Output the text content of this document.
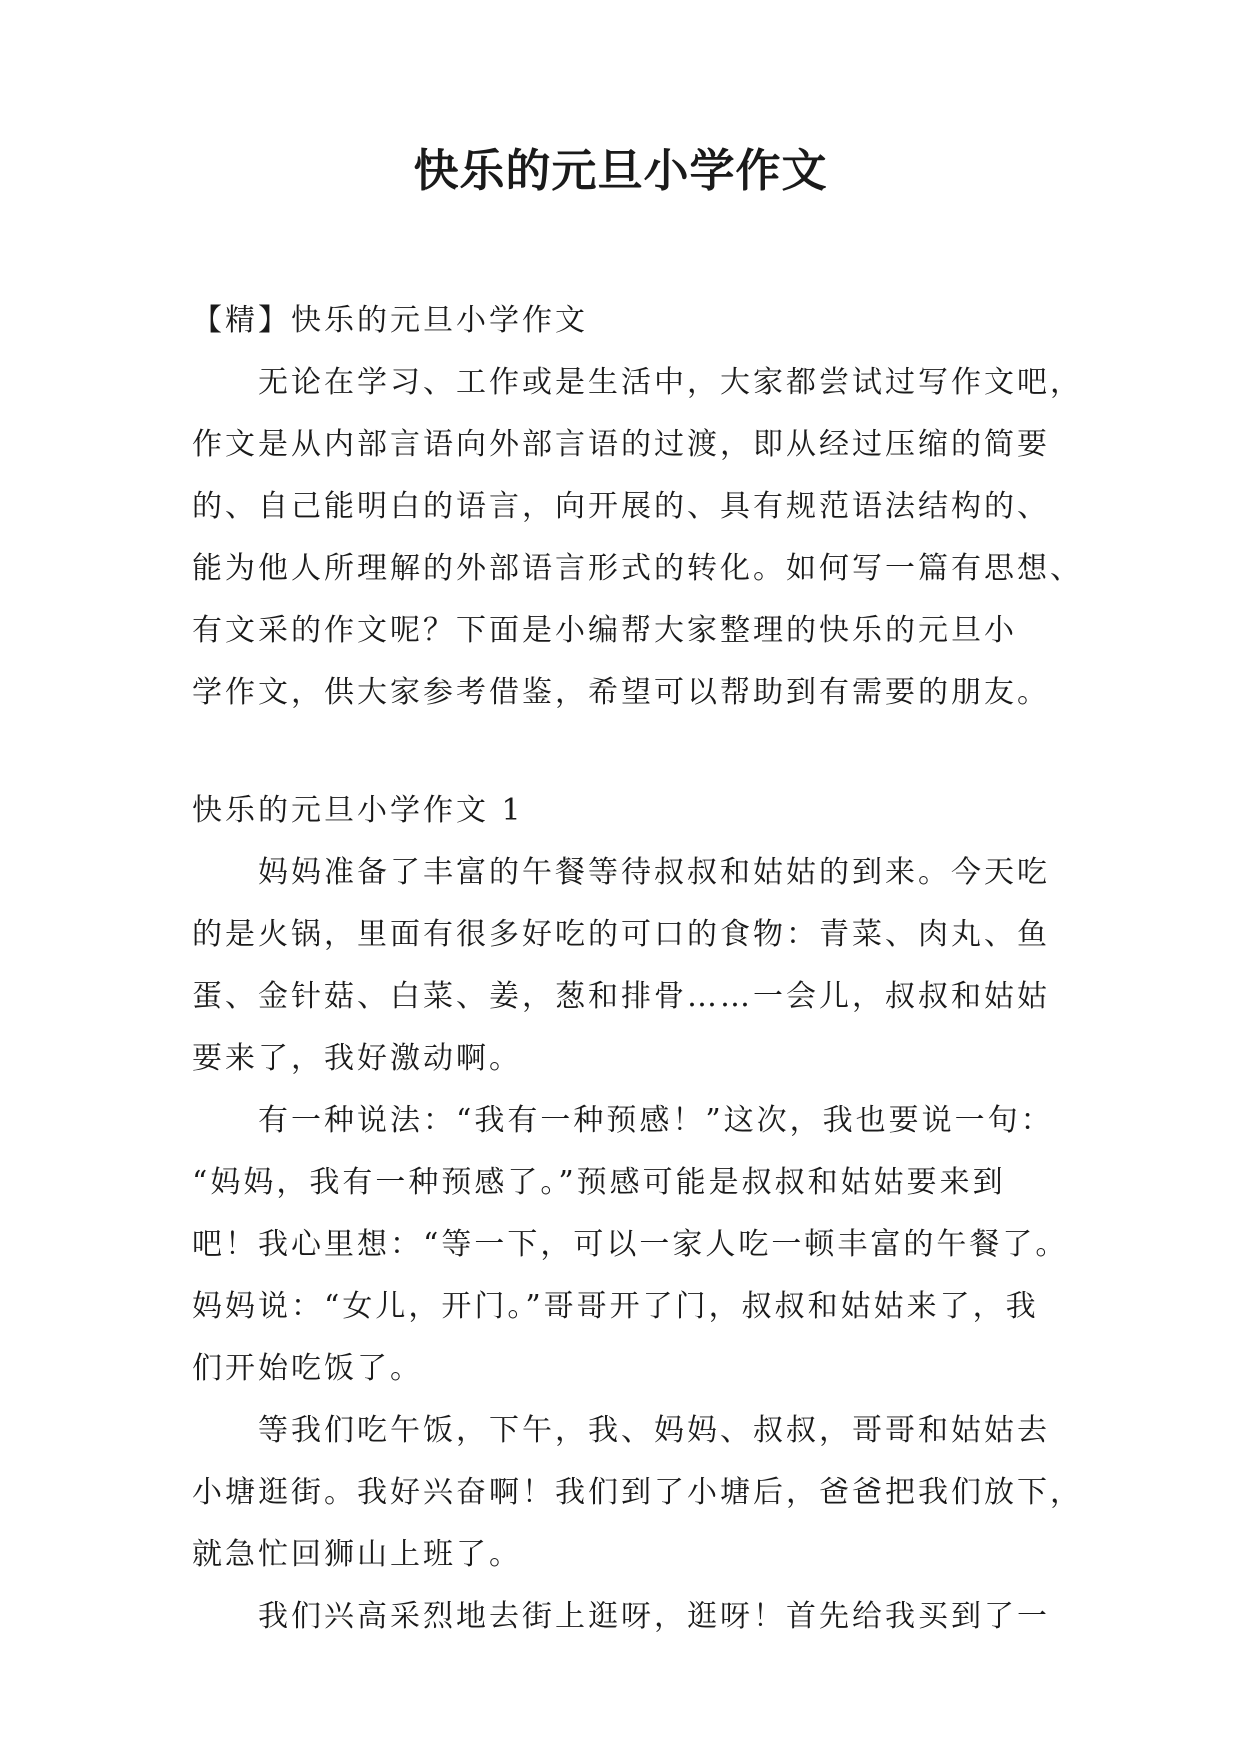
快乐的元旦小学作文
【精】快乐的元旦小学作文
无论在学习、工作或是生活中，大家都尝试过写作文吧，
作文是从内部言语向外部言语的过渡，即从经过压缩的简要
的、自己能明白的语言，向开展的、具有规范语法结构的、
能为他人所理解的外部语言形式的转化。如何写一篇有思想、
有文采的作文呢？下面是小编帮大家整理的快乐的元旦小
学作文，供大家参考借鉴，希望可以帮助到有需要的朋友。
快乐的元旦小学作文 1
妈妈准备了丰富的午餐等待叔叔和姑姑的到来。今天吃
的是火锅，里面有很多好吃的可口的食物：青菜、肉丸、鱼
蛋、金针菇、白菜、姜，葱和排骨……一会儿，叔叔和姑姑
要来了，我好激动啊。
有一种说法：“我有一种预感！”这次，我也要说一句：
“妈妈，我有一种预感了。”预感可能是叔叔和姑姑要来到
吧！我心里想：“等一下，可以一家人吃一顿丰富的午餐了。
妈妈说：“女儿，开门。”哥哥开了门，叔叔和姑姑来了，我
们开始吃饭了。
等我们吃午饭，下午，我、妈妈、叔叔，哥哥和姑姑去
小塘逛街。我好兴奋啊！我们到了小塘后，爸爸把我们放下，
就急忙回狮山上班了。
我们兴高采烈地去街上逛呀，逛呀！首先给我买到了一
